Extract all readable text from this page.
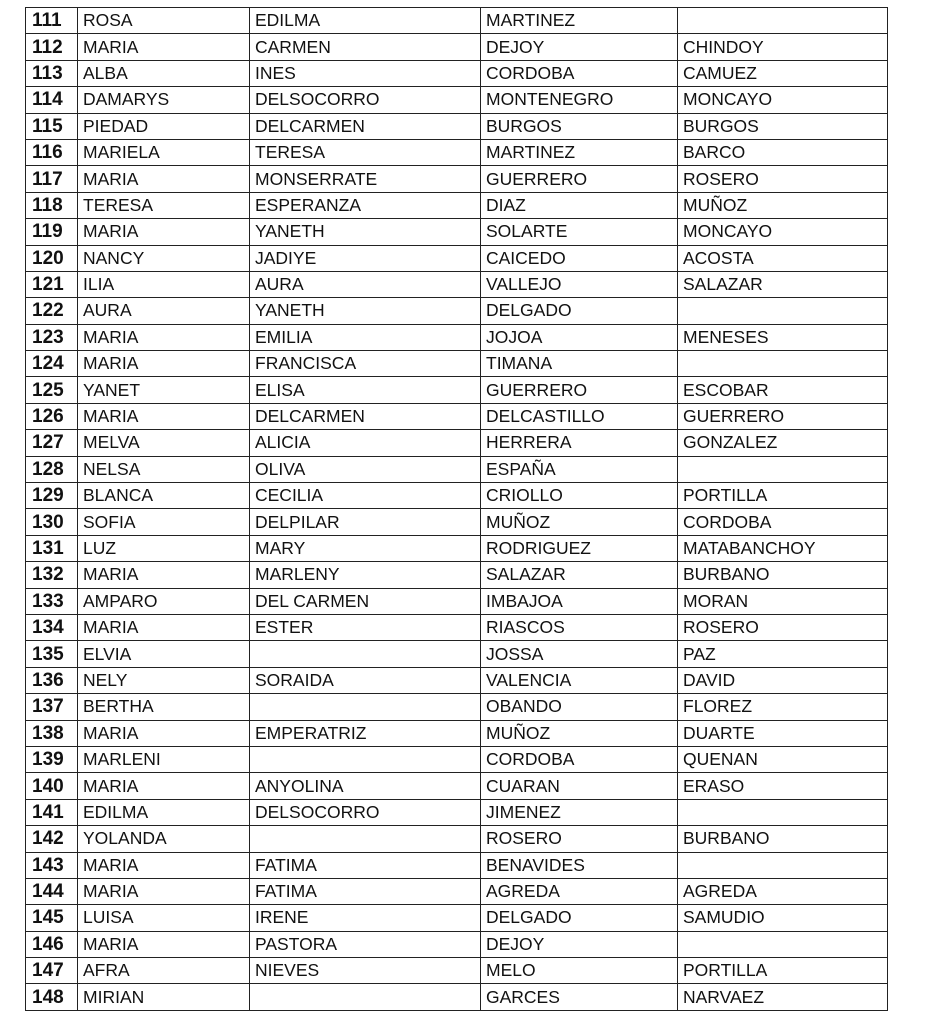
111	ROSA	EDILMA	MARTINEZ	
112	MARIA	CARMEN	DEJOY	CHINDOY
113	ALBA	INES	CORDOBA	CAMUEZ
114	DAMARYS	DELSOCORRO	MONTENEGRO	MONCAYO
115	PIEDAD	DELCARMEN	BURGOS	BURGOS
116	MARIELA	TERESA	MARTINEZ	BARCO
117	MARIA	MONSERRATE	GUERRERO	ROSERO
118	TERESA	ESPERANZA	DIAZ	MUÑOZ
119	MARIA	YANETH	SOLARTE	MONCAYO
120	NANCY	JADIYE	CAICEDO	ACOSTA
121	ILIA	AURA	VALLEJO	SALAZAR
122	AURA	YANETH	DELGADO	
123	MARIA	EMILIA	JOJOA	MENESES
124	MARIA	FRANCISCA	TIMANA	
125	YANET	ELISA	GUERRERO	ESCOBAR
126	MARIA	DELCARMEN	DELCASTILLO	GUERRERO
127	MELVA	ALICIA	HERRERA	GONZALEZ
128	NELSA	OLIVA	ESPAÑA	
129	BLANCA	CECILIA	CRIOLLO	PORTILLA
130	SOFIA	DELPILAR	MUÑOZ	CORDOBA
131	LUZ	MARY	RODRIGUEZ	MATABANCHOY
132	MARIA	MARLENY	SALAZAR	BURBANO
133	AMPARO	DEL CARMEN	IMBAJOA	MORAN
134	MARIA	ESTER	RIASCOS	ROSERO
135	ELVIA		JOSSA	PAZ
136	NELY	SORAIDA	VALENCIA	DAVID
137	BERTHA		OBANDO	FLOREZ
138	MARIA	EMPERATRIZ	MUÑOZ	DUARTE
139	MARLENI		CORDOBA	QUENAN
140	MARIA	ANYOLINA	CUARAN	ERASO
141	EDILMA	DELSOCORRO	JIMENEZ	
142	YOLANDA		ROSERO	BURBANO
143	MARIA	FATIMA	BENAVIDES	
144	MARIA	FATIMA	AGREDA	AGREDA
145	LUISA	IRENE	DELGADO	SAMUDIO
146	MARIA	PASTORA	DEJOY	
147	AFRA	NIEVES	MELO	PORTILLA
148	MIRIAN		GARCES	NARVAEZ
